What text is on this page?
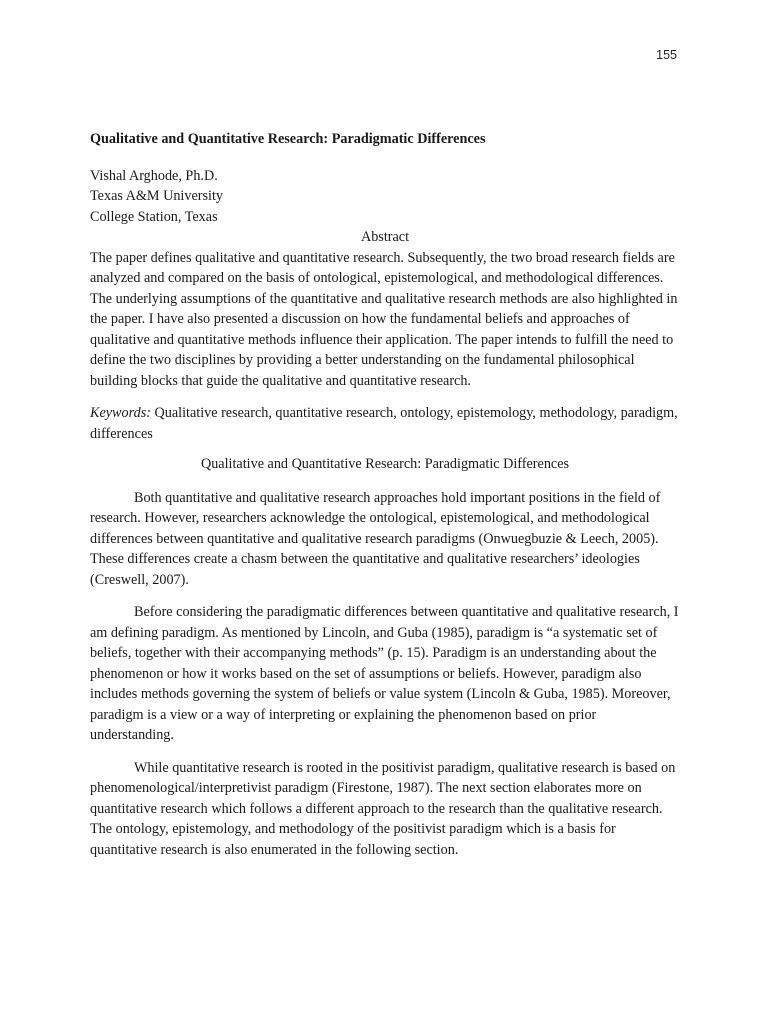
155

Qualitative and Quantitative Research: Paradigmatic Differences

Vishal Arghode, Ph.D.
Texas A&M University
College Station, Texas

Abstract

The paper defines qualitative and quantitative research. Subsequently, the two broad research fields are analyzed and compared on the basis of ontological, epistemological, and methodological differences. The underlying assumptions of the quantitative and qualitative research methods are also highlighted in the paper. I have also presented a discussion on how the fundamental beliefs and approaches of qualitative and quantitative methods influence their application. The paper intends to fulfill the need to define the two disciplines by providing a better understanding on the fundamental philosophical building blocks that guide the qualitative and quantitative research.

Keywords: Qualitative research, quantitative research, ontology, epistemology, methodology, paradigm, differences

Qualitative and Quantitative Research: Paradigmatic Differences

Both quantitative and qualitative research approaches hold important positions in the field of research. However, researchers acknowledge the ontological, epistemological, and methodological differences between quantitative and qualitative research paradigms (Onwuegbuzie & Leech, 2005). These differences create a chasm between the quantitative and qualitative researchers’ ideologies (Creswell, 2007).

Before considering the paradigmatic differences between quantitative and qualitative research, I am defining paradigm. As mentioned by Lincoln, and Guba (1985), paradigm is “a systematic set of beliefs, together with their accompanying methods” (p. 15). Paradigm is an understanding about the phenomenon or how it works based on the set of assumptions or beliefs. However, paradigm also includes methods governing the system of beliefs or value system (Lincoln & Guba, 1985). Moreover, paradigm is a view or a way of interpreting or explaining the phenomenon based on prior understanding.

While quantitative research is rooted in the positivist paradigm, qualitative research is based on phenomenological/interpretivist paradigm (Firestone, 1987). The next section elaborates more on quantitative research which follows a different approach to the research than the qualitative research. The ontology, epistemology, and methodology of the positivist paradigm which is a basis for quantitative research is also enumerated in the following section.
